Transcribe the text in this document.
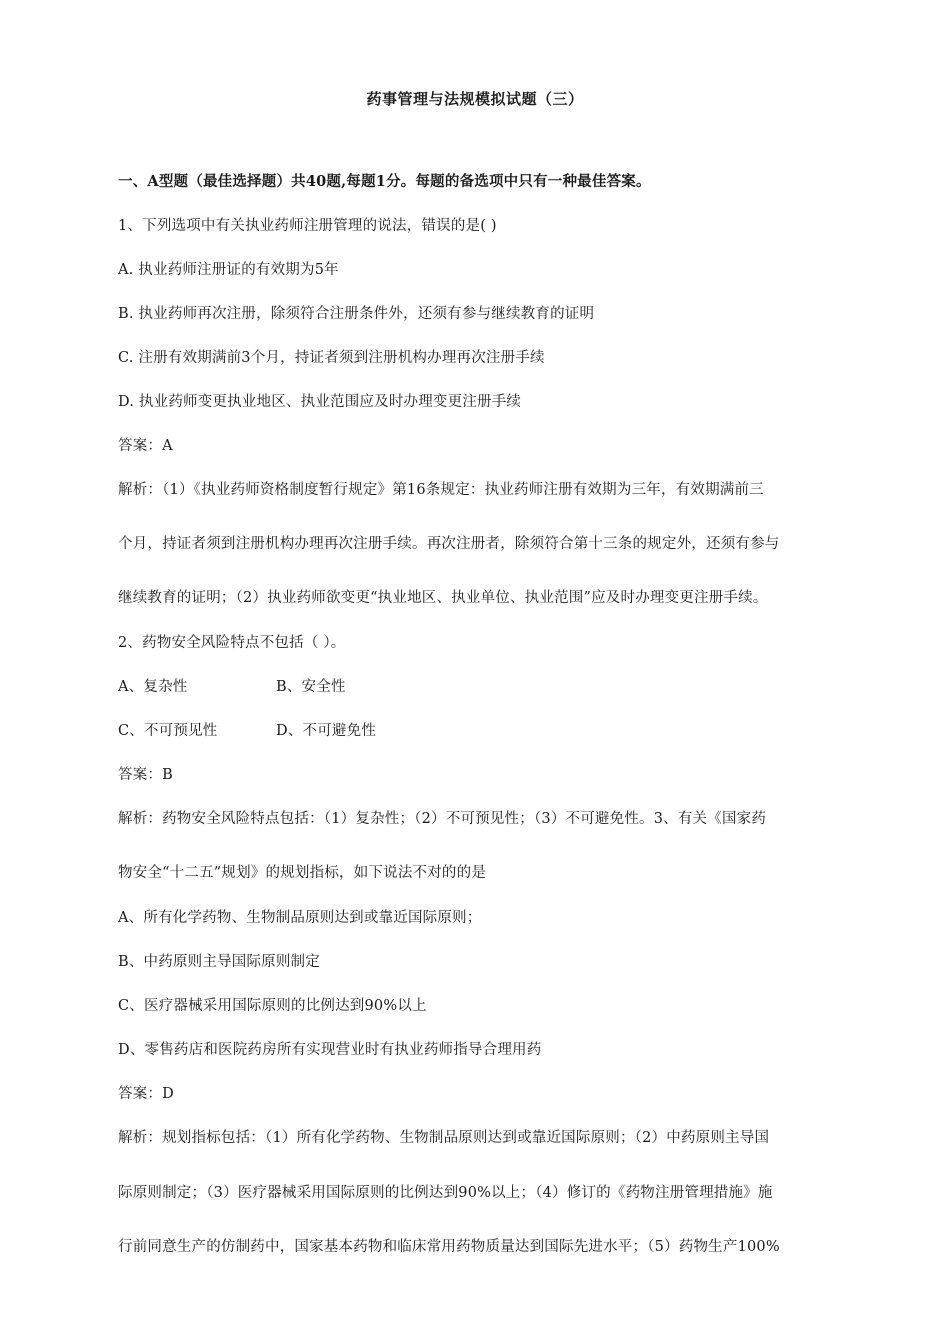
药事管理与法规模拟试题（三）
一、A型题（最佳选择题）共40题,每题1分。每题的备选项中只有一种最佳答案。
1、下列选项中有关执业药师注册管理的说法，错误的是( )
A. 执业药师注册证的有效期为5年
B. 执业药师再次注册，除须符合注册条件外，还须有参与继续教育的证明
C. 注册有效期满前3个月，持证者须到注册机构办理再次注册手续
D. 执业药师变更执业地区、执业范围应及时办理变更注册手续
答案：A
解析：（1）《执业药师资格制度暂行规定》第16条规定：执业药师注册有效期为三年，有效期满前三
个月，持证者须到注册机构办理再次注册手续。再次注册者，除须符合第十三条的规定外，还须有参与
继续教育的证明；（2）执业药师欲变更“执业地区、执业单位、执业范围”应及时办理变更注册手续。
2、药物安全风险特点不包括（ ）。
A、复杂性	B、安全性
C、不可预见性	D、不可避免性
答案：B
解析：药物安全风险特点包括：（1）复杂性；（2）不可预见性；（3）不可避免性。3、有关《国家药
物安全“十二五”规划》的规划指标，如下说法不对的的是
A、所有化学药物、生物制品原则达到或靠近国际原则；
B、中药原则主导国际原则制定
C、医疗器械采用国际原则的比例达到90%以上
D、零售药店和医院药房所有实现营业时有执业药师指导合理用药
答案：D
解析：规划指标包括：（1）所有化学药物、生物制品原则达到或靠近国际原则；（2）中药原则主导国
际原则制定；（3）医疗器械采用国际原则的比例达到90%以上；（4）修订的《药物注册管理措施》施
行前同意生产的仿制药中，国家基本药物和临床常用药物质量达到国际先进水平；（5）药物生产100%
